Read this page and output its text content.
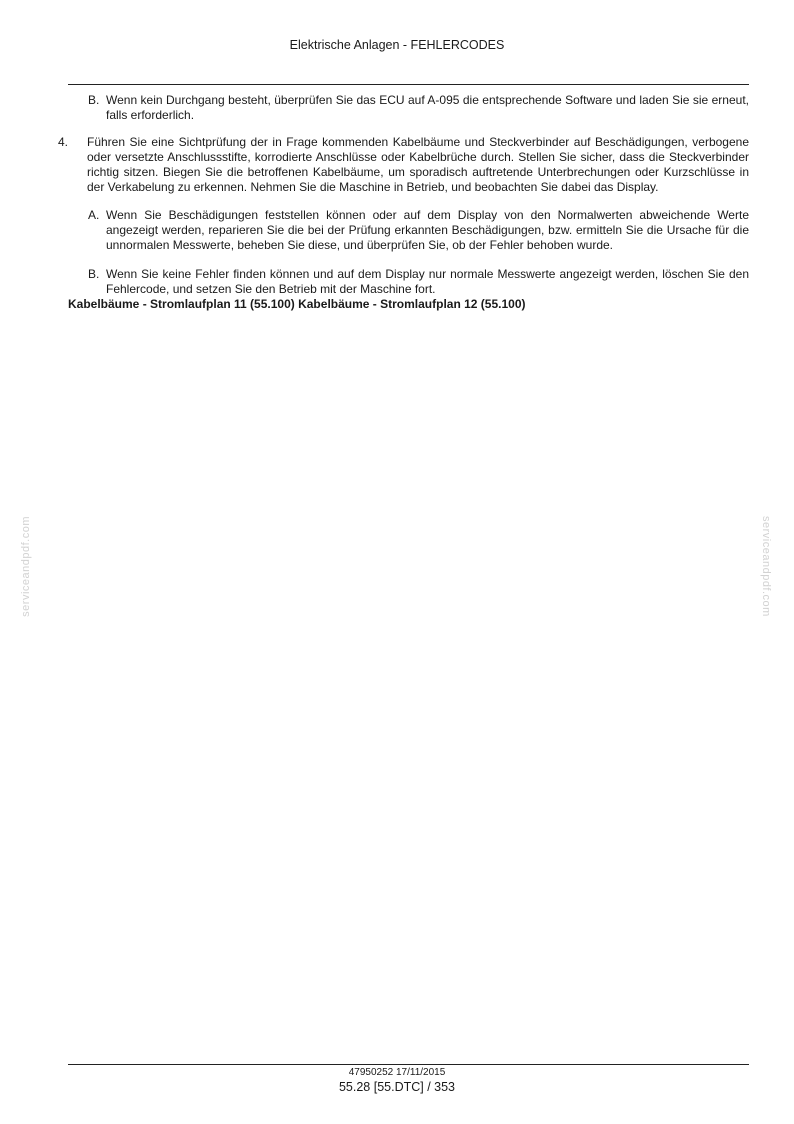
Elektrische Anlagen - FEHLERCODES
B. Wenn kein Durchgang besteht, überprüfen Sie das ECU auf A-095 die entsprechende Software und laden Sie sie erneut, falls erforderlich.
4. Führen Sie eine Sichtprüfung der in Frage kommenden Kabelbäume und Steckverbinder auf Beschädigungen, verbogene oder versetzte Anschlussstifte, korrodierte Anschlüsse oder Kabelbrüche durch. Stellen Sie sicher, dass die Steckverbinder richtig sitzen. Biegen Sie die betroffenen Kabelbäume, um sporadisch auftretende Unterbrechungen oder Kurzschlüsse in der Verkabelung zu erkennen. Nehmen Sie die Maschine in Betrieb, und beobachten Sie dabei das Display.
A. Wenn Sie Beschädigungen feststellen können oder auf dem Display von den Normalwerten abweichende Werte angezeigt werden, reparieren Sie die bei der Prüfung erkannten Beschädigungen, bzw. ermitteln Sie die Ursache für die unnormalen Messwerte, beheben Sie diese, und überprüfen Sie, ob der Fehler behoben wurde.
B. Wenn Sie keine Fehler finden können und auf dem Display nur normale Messwerte angezeigt werden, löschen Sie den Fehlercode, und setzen Sie den Betrieb mit der Maschine fort.
Kabelbäume - Stromlaufplan 11 (55.100) Kabelbäume - Stromlaufplan 12 (55.100)
serviceandpdf.com	serviceandpdf.com
47950252 17/11/2015
55.28 [55.DTC] / 353
